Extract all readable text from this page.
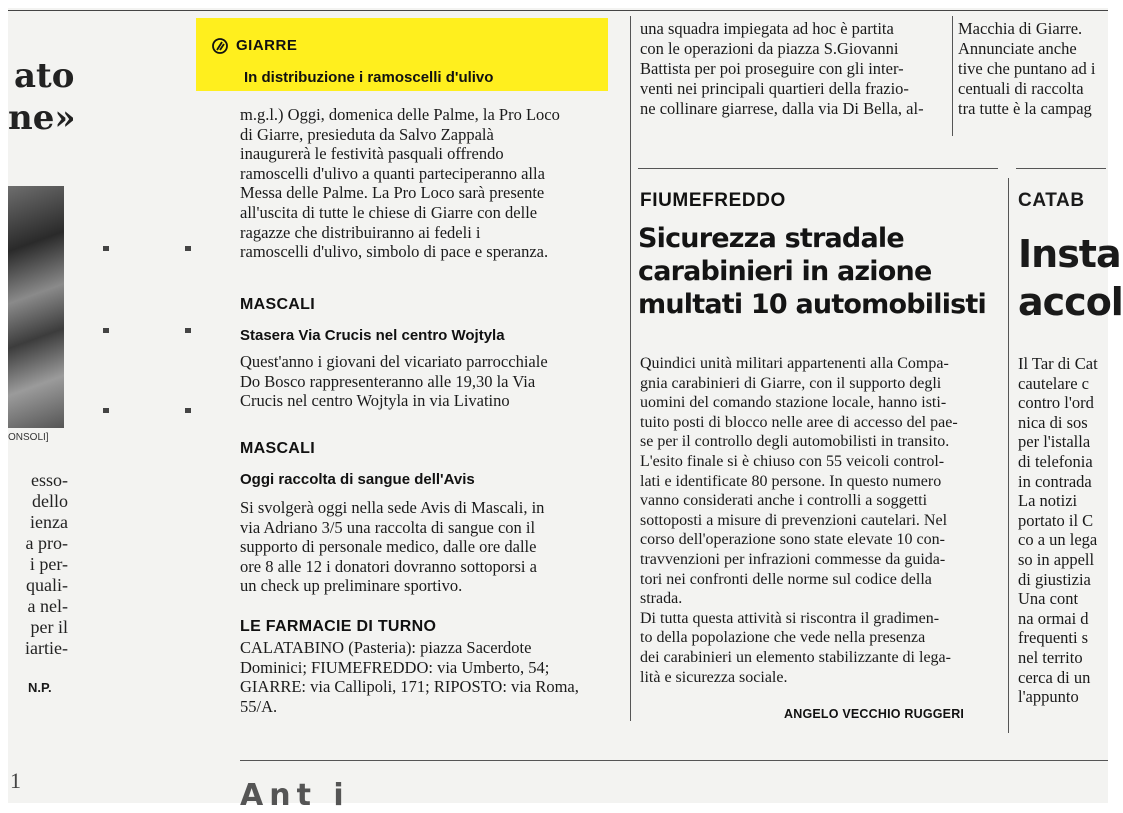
ato
ne»
ONSOLI]
esso-
dello
ienza
a pro-
i per-
quali-
a nel-
per il
iartie-
N.P.
1
GIARRE
In distribuzione i ramoscelli d'ulivo

m.g.l.) Oggi, domenica delle Palme, la Pro Loco
di Giarre, presieduta da Salvo Zappalà
inaugurerà le festività pasquali offrendo
ramoscelli d'ulivo a quanti parteciperanno alla
Messa delle Palme. La Pro Loco sarà presente
all'uscita di tutte le chiese di Giarre con delle
ragazze che distribuiranno ai fedeli i
ramoscelli d'ulivo, simbolo di pace e speranza.

MASCALI
Stasera Via Crucis nel centro Wojtyla

Quest'anno i giovani del vicariato parrocchiale
Do Bosco rappresenteranno alle 19,30 la Via
Crucis nel centro Wojtyla in via Livatino

MASCALI
Oggi raccolta di sangue dell'Avis

Si svolgerà oggi nella sede Avis di Mascali, in
via Adriano 3/5 una raccolta di sangue con il
supporto di personale medico, dalle ore dalle
ore 8 alle 12 i donatori dovranno sottoporsi a
un check up preliminare sportivo.

LE FARMACIE DI TURNO

CALATABINO (Pasteria): piazza Sacerdote
Dominici; FIUMEFREDDO: via Umberto, 54;
GIARRE: via Callipoli, 171; RIPOSTO: via Roma,
55/A.

una squadra impiegata ad hoc è partita
con le operazioni da piazza S.Giovanni
Battista per poi proseguire con gli inter-
venti nei principali quartieri della frazio-
ne collinare giarrese, dalla via Di Bella, al-
FIUMEFREDDO
Sicurezza stradale
carabinieri in azione
multati 10 automobilisti
Quindici unità militari appartenenti alla Compa-
gnia carabinieri di Giarre, con il supporto degli
uomini del comando stazione locale, hanno isti-
tuito posti di blocco nelle aree di accesso del pae-
se per il controllo degli automobilisti in transito.
L'esito finale si è chiuso con 55 veicoli control-
lati e identificate 80 persone. In questo numero
vanno considerati anche i controlli a soggetti
sottoposti a misure di prevenzioni cautelari. Nel
corso dell'operazione sono state elevate 10 con-
travvenzioni per infrazioni commesse da guida-
tori nei confronti delle norme sul codice della
strada.
Di tutta questa attività si riscontra il gradimen-
to della popolazione che vede nella presenza
dei carabinieri un elemento stabilizzante di lega-
lità e sicurezza sociale.
ANGELO VECCHIO RUGGERI
Macchia di Giarre.
Annunciate anche
tive che puntano ad i
centuali di raccolta
tra tutte è la campag
CATAB
Insta
accol
Il Tar di Cat
cautelare c
contro l'ord
nica di sos
per l'istalla
di telefonia
in contrada
La notizi
portato il C
co a un lega
so in appell
di giustizia
Una cont
na ormai d
frequenti s
nel territo
cerca di un
l'appunto
Ant i
